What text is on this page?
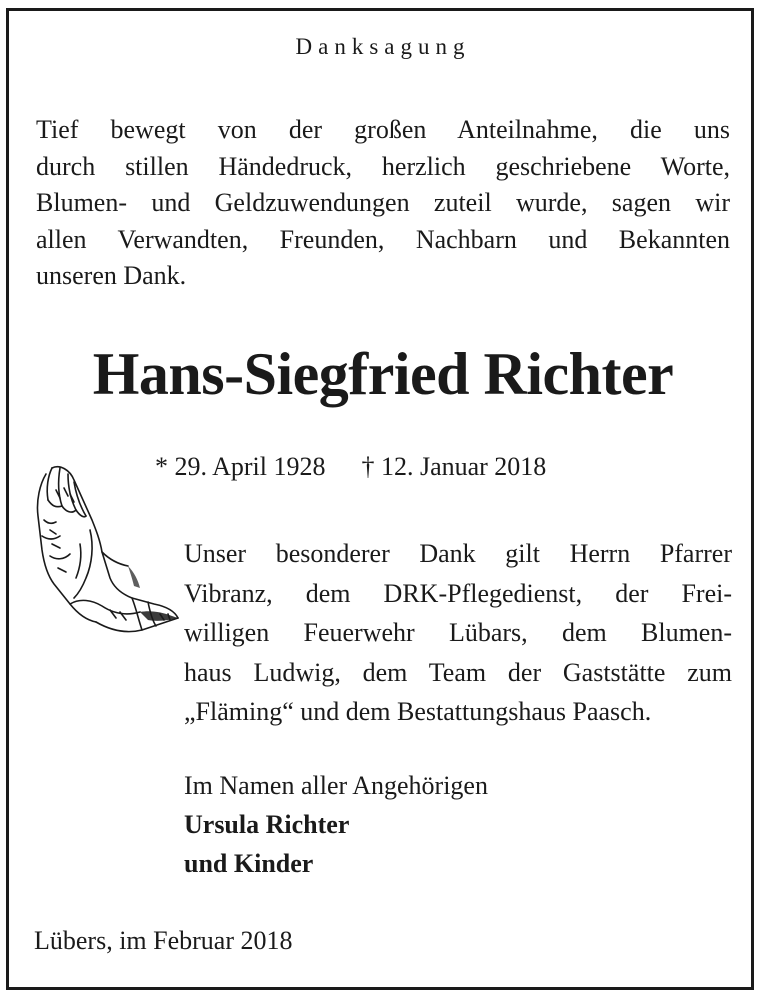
Danksagung

Tief bewegt von der großen Anteilnahme, die uns
durch stillen Händedruck, herzlich geschriebene Worte,
Blumen- und Geldzuwendungen zuteil wurde, sagen wir
allen Verwandten, Freunden, Nachbarn und Bekannten
unseren Dank.

Hans-Siegfried Richter
* 29. April 1928 † 12. Januar 2018

Unser besonderer Dank gilt Herrn Pfarrer
Vibranz, dem DRK-Pflegedienst, der Frei-
willigen Feuerwehr Lübars, dem Blumen-
haus Ludwig, dem Team der Gaststätte zum
„Fläming“ und dem Bestattungshaus Paasch.

Im Namen aller Angehörigen
Ursula Richter
und Kinder
Lübers, im Februar 2018
